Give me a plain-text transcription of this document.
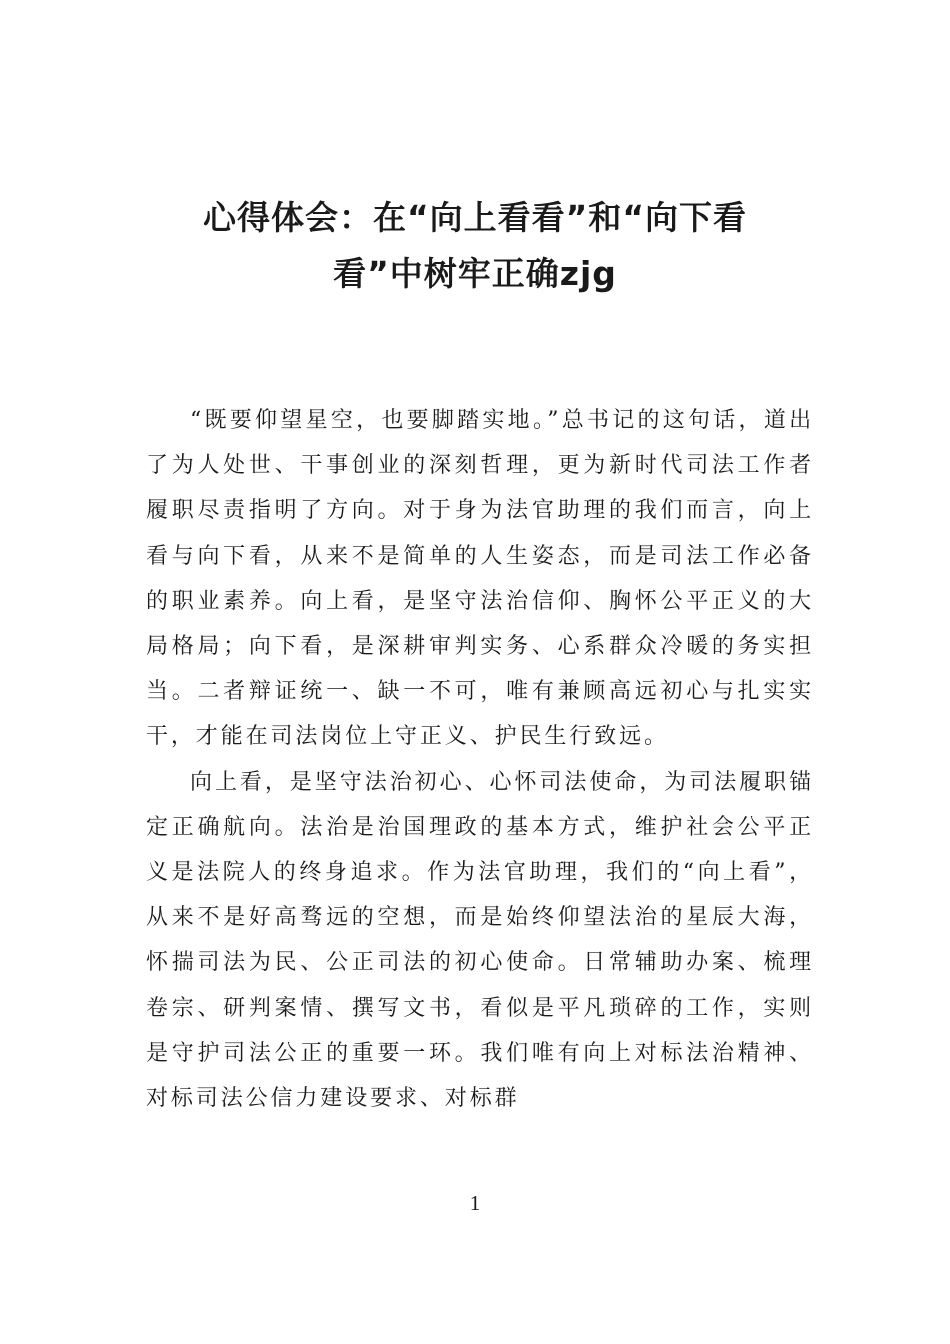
心得体会：在“向上看看”和“向下看
看”中树牢正确zjg

“既要仰望星空，也要脚踏实地。”总书记的这句话，道出了为人处世、干事创业的深刻哲理，更为新时代司法工作者履职尽责指明了方向。对于身为法官助理的我们而言，向上看与向下看，从来不是简单的人生姿态，而是司法工作必备的职业素养。向上看，是坚守法治信仰、胸怀公平正义的大局格局；向下看，是深耕审判实务、心系群众冷暖的务实担当。二者辩证统一、缺一不可，唯有兼顾高远初心与扎实实干，才能在司法岗位上守正义、护民生行致远。

向上看，是坚守法治初心、心怀司法使命，为司法履职锚定正确航向。法治是治国理政的基本方式，维护社会公平正义是法院人的终身追求。作为法官助理，我们的“向上看”，从来不是好高骛远的空想，而是始终仰望法治的星辰大海，怀揣司法为民、公正司法的初心使命。日常辅助办案、梳理卷宗、研判案情、撰写文书，看似是平凡琐碎的工作，实则是守护司法公正的重要一环。我们唯有向上对标法治精神、对标司法公信力建设要求、对标群

1
